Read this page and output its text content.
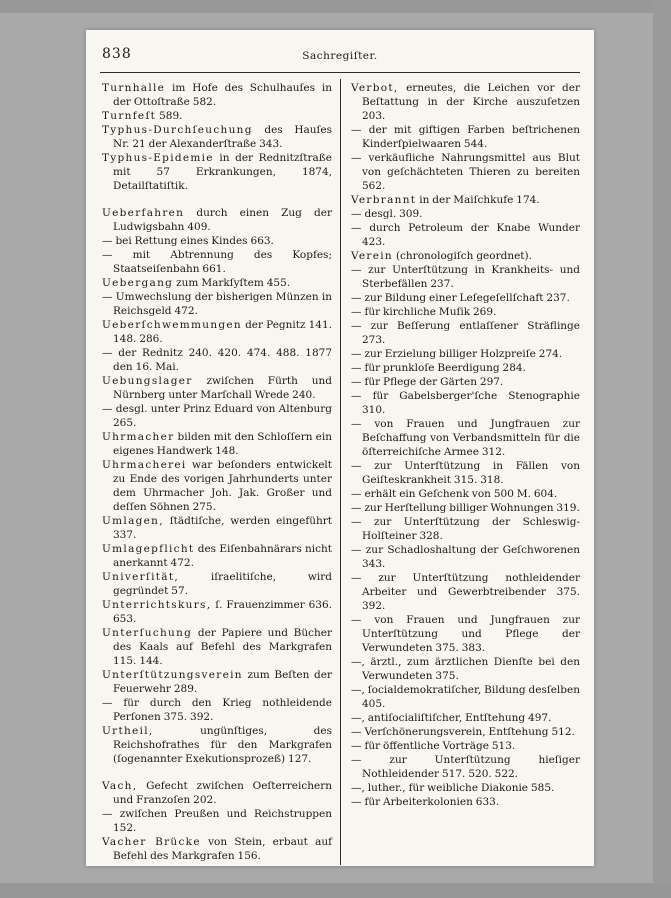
838	Sachregiſter.

Turnhalle im Hofe des Schulhauſes in der Ottoſtraße 582.

Turnfeſt 589.

Typhus-Durchſeuchung des Hauſes Nr. 21 der Alexanderſtraße 343.

Typhus-Epidemie in der Rednitzſtraße mit 57 Erkrankungen, 1874, Detailſtatiſtik.

Ueberfahren durch einen Zug der Ludwigsbahn 409.

— bei Rettung eines Kindes 663.

— mit Abtrennung des Kopfes; Staatseiſenbahn 661.

Uebergang zum Markſyſtem 455.

— Umwechslung der bisherigen Münzen in Reichsgeld 472.

Ueberſchwemmungen der Pegnitz 141. 148. 286.

— der Rednitz 240. 420. 474. 488. 1877 den 16. Mai.

Uebungslager zwiſchen Fürth und Nürnberg unter Marſchall Wrede 240.

— desgl. unter Prinz Eduard von Altenburg 265.

Uhrmacher bilden mit den Schloſſern ein eigenes Handwerk 148.

Uhrmacherei war beſonders entwickelt zu Ende des vorigen Jahrhunderts unter dem Uhrmacher Joh. Jak. Großer und deſſen Söhnen 275.

Umlagen, ſtädtiſche, werden eingeführt 337.

Umlagepflicht des Eiſenbahnärars nicht anerkannt 472.

Univerſität, iſraelitiſche, wird gegründet 57.

Unterrichtskurs, ſ. Frauenzimmer 636. 653.

Unterſuchung der Papiere und Bücher des Kaals auf Befehl des Markgrafen 115. 144.

Unterſtützungsverein zum Beſten der Feuerwehr 289.

— für durch den Krieg nothleidende Perſonen 375. 392.

Urtheil, ungünſtiges, des Reichshofrathes für den Markgrafen (ſogenannter Exekutionsprozeß) 127.

Vach, Gefecht zwiſchen Oeſterreichern und Franzoſen 202.

— zwiſchen Preußen und Reichstruppen 152.

Vacher Brücke von Stein, erbaut auf Befehl des Markgrafen 156.

Verbot, erneutes, die Leichen vor der Beſtattung in der Kirche auszuſetzen 203.

— der mit giftigen Farben beſtrichenen Kinderſpielwaaren 544.

— verkäufliche Nahrungsmittel aus Blut von geſchächteten Thieren zu bereiten 562.

Verbrannt in der Maiſchkufe 174.

— desgl. 309.

— durch Petroleum der Knabe Wunder 423.

Verein (chronologiſch geordnet).

— zur Unterſtützung in Krankheits- und Sterbefällen 237.

— zur Bildung einer Leſegeſellſchaft 237.

— für kirchliche Muſik 269.

— zur Beſſerung entlaſſener Sträflinge 273.

— zur Erzielung billiger Holzpreiſe 274.

— für prunkloſe Beerdigung 284.

— für Pflege der Gärten 297.

— für Gabelsberger'ſche Stenographie 310.

— von Frauen und Jungfrauen zur Beſchaffung von Verbandsmitteln für die öſterreichiſche Armee 312.

— zur Unterſtützung in Fällen von Geiſteskrankheit 315. 318.

— erhält ein Geſchenk von 500 M. 604.

— zur Herſtellung billiger Wohnungen 319.

— zur Unterſtützung der Schleswig-Holſteiner 328.

— zur Schadloshaltung der Geſchworenen 343.

— zur Unterſtützung nothleidender Arbeiter und Gewerbtreibender 375. 392.

— von Frauen und Jungfrauen zur Unterſtützung und Pflege der Verwundeten 375. 383.

—, ärztl., zum ärztlichen Dienſte bei den Verwundeten 375.

—, ſocialdemokratiſcher, Bildung desſelben 405.

—, antiſocialiſtiſcher, Entſtehung 497.

— Verſchönerungsverein, Entſtehung 512.

— für öffentliche Vorträge 513.

— zur Unterſtützung hieſiger Nothleidender 517. 520. 522.

—, luther., für weibliche Diakonie 585.

— für Arbeiterkolonien 633.
